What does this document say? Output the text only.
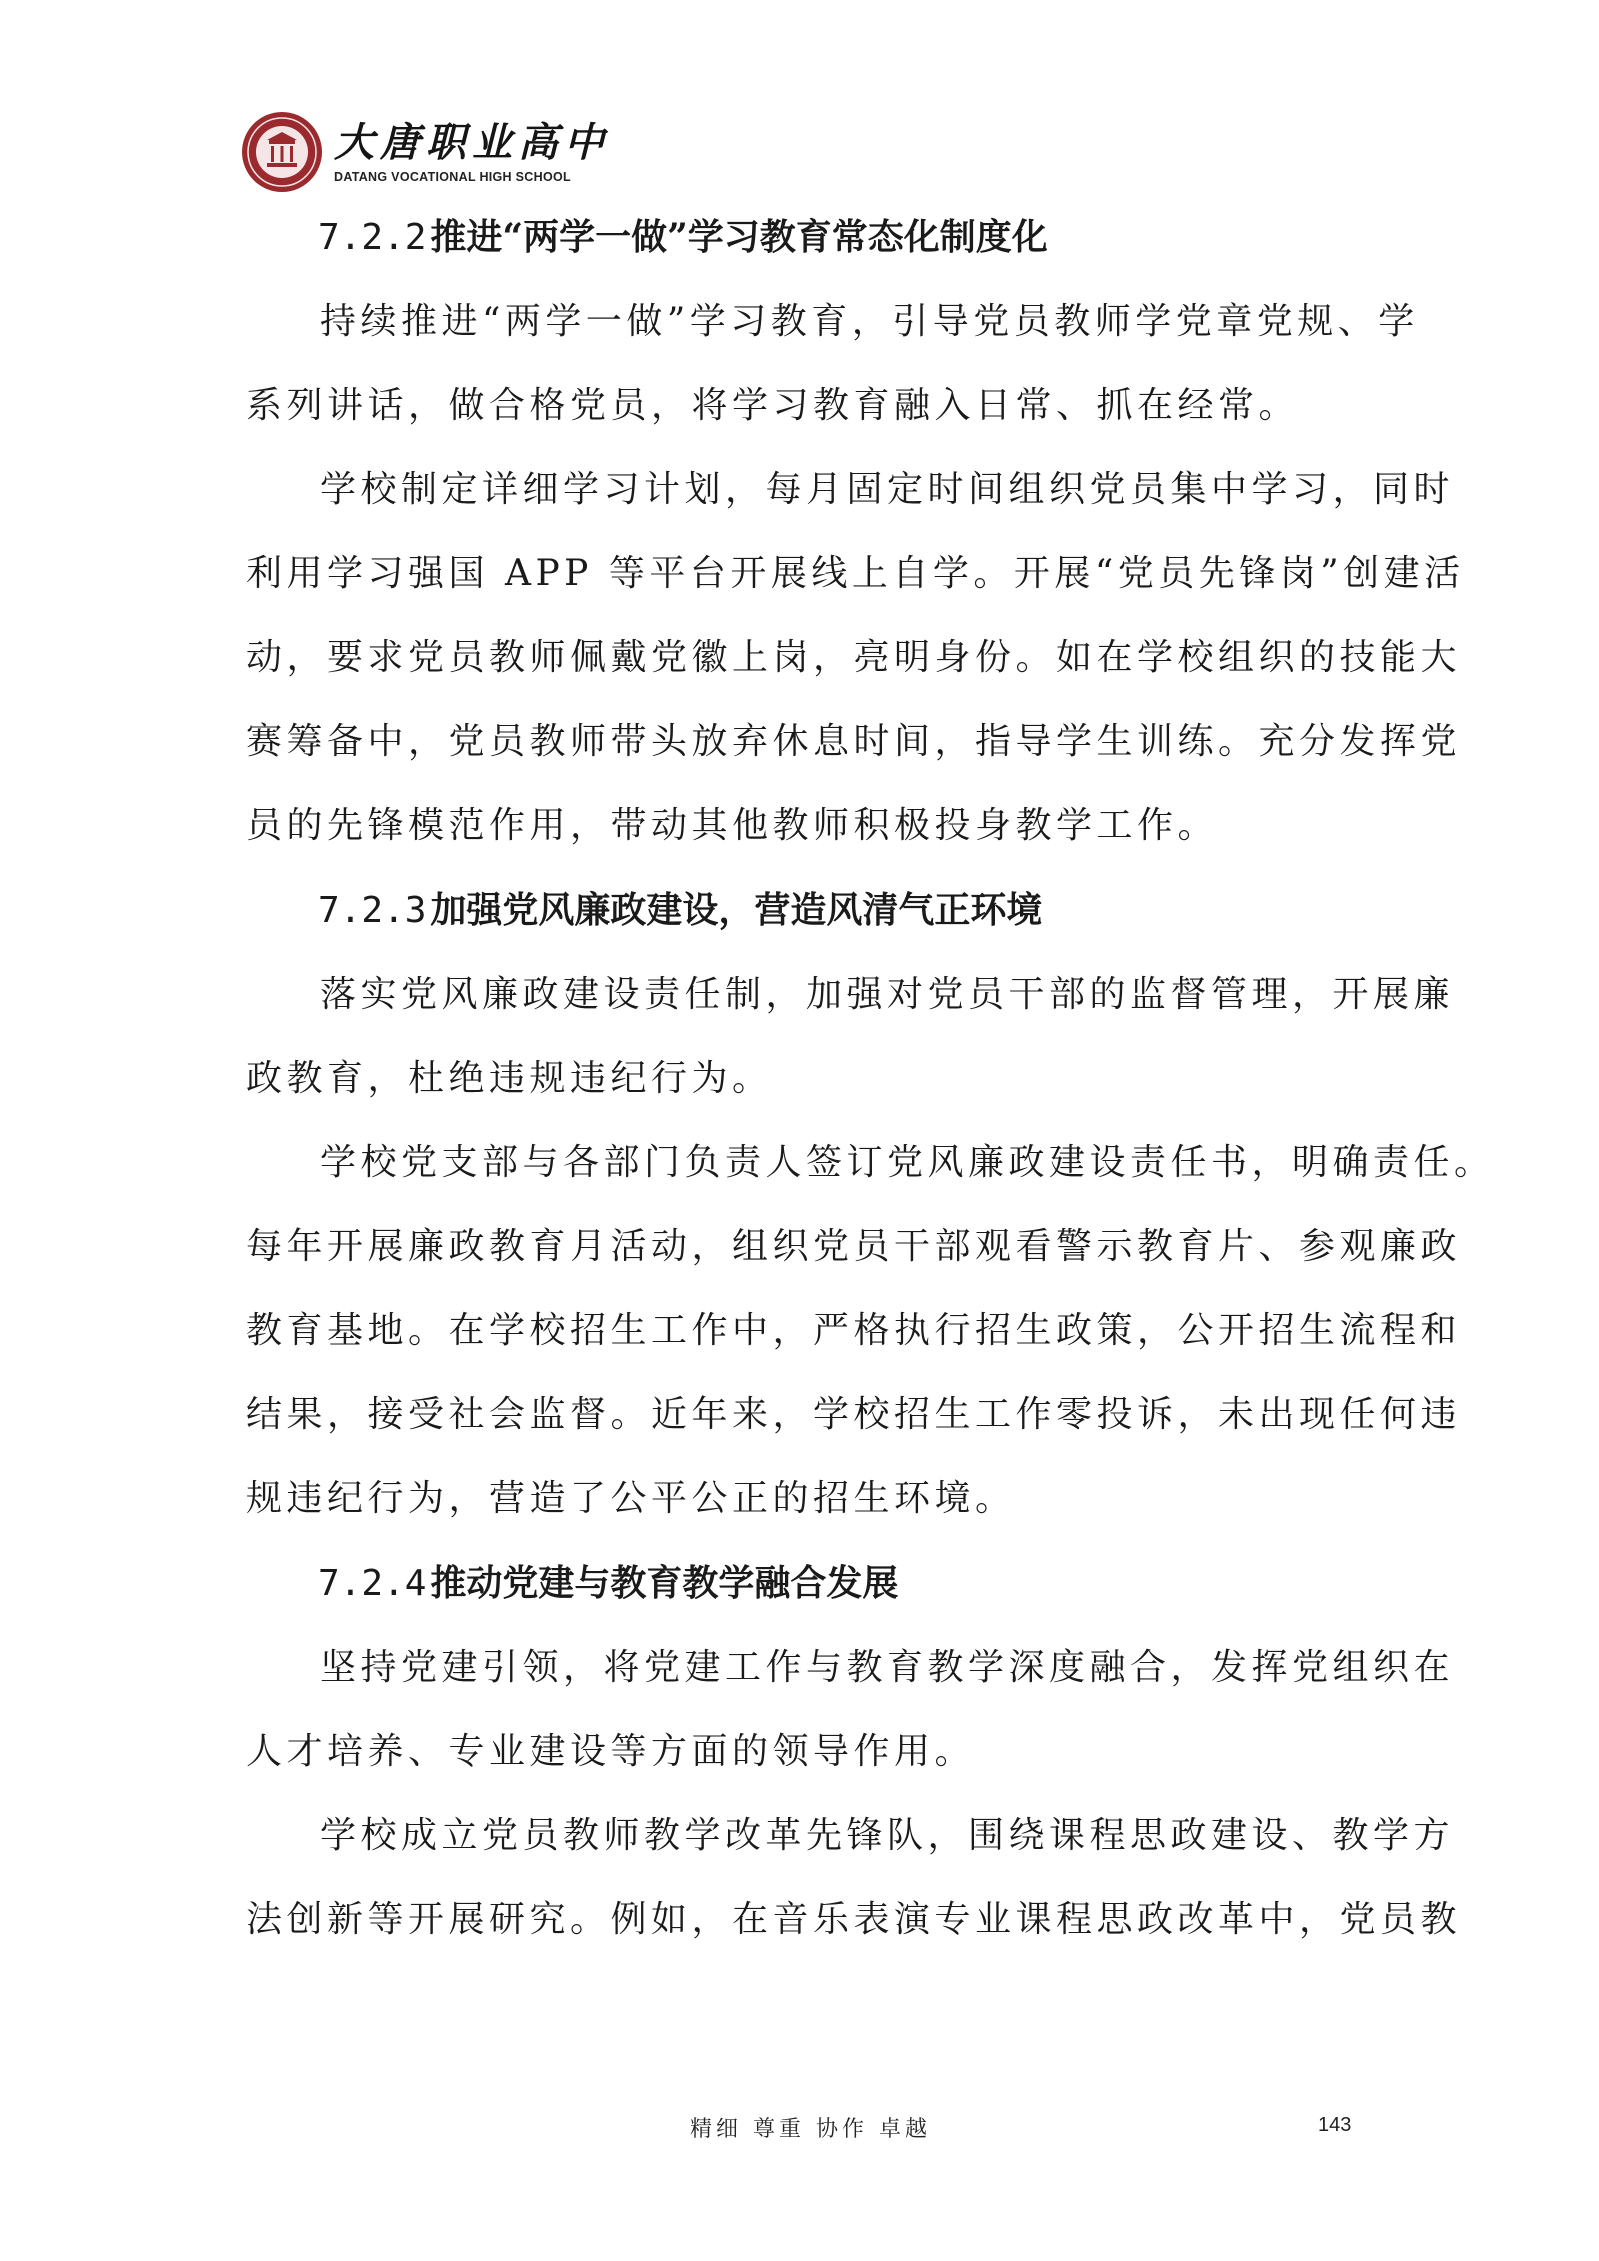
大唐职业高中
DATANG VOCATIONAL HIGH SCHOOL
7.2.2 推进“两学一做”学习教育常态化制度化
持续推进“两学一做”学习教育，引导党员教师学党章党规、学
系列讲话，做合格党员，将学习教育融入日常、抓在经常。
学校制定详细学习计划，每月固定时间组织党员集中学习，同时
利用学习强国 APP 等平台开展线上自学。开展“党员先锋岗”创建活
动，要求党员教师佩戴党徽上岗，亮明身份。如在学校组织的技能大
赛筹备中，党员教师带头放弃休息时间，指导学生训练。充分发挥党
员的先锋模范作用，带动其他教师积极投身教学工作。
7.2.3 加强党风廉政建设，营造风清气正环境
落实党风廉政建设责任制，加强对党员干部的监督管理，开展廉
政教育，杜绝违规违纪行为。
学校党支部与各部门负责人签订党风廉政建设责任书，明确责任。
每年开展廉政教育月活动，组织党员干部观看警示教育片、参观廉政
教育基地。在学校招生工作中，严格执行招生政策，公开招生流程和
结果，接受社会监督。近年来，学校招生工作零投诉，未出现任何违
规违纪行为，营造了公平公正的招生环境。
7.2.4 推动党建与教育教学融合发展
坚持党建引领，将党建工作与教育教学深度融合，发挥党组织在
人才培养、专业建设等方面的领导作用。
学校成立党员教师教学改革先锋队，围绕课程思政建设、教学方
法创新等开展研究。例如，在音乐表演专业课程思政改革中，党员教
精细 尊重 协作 卓越	143
